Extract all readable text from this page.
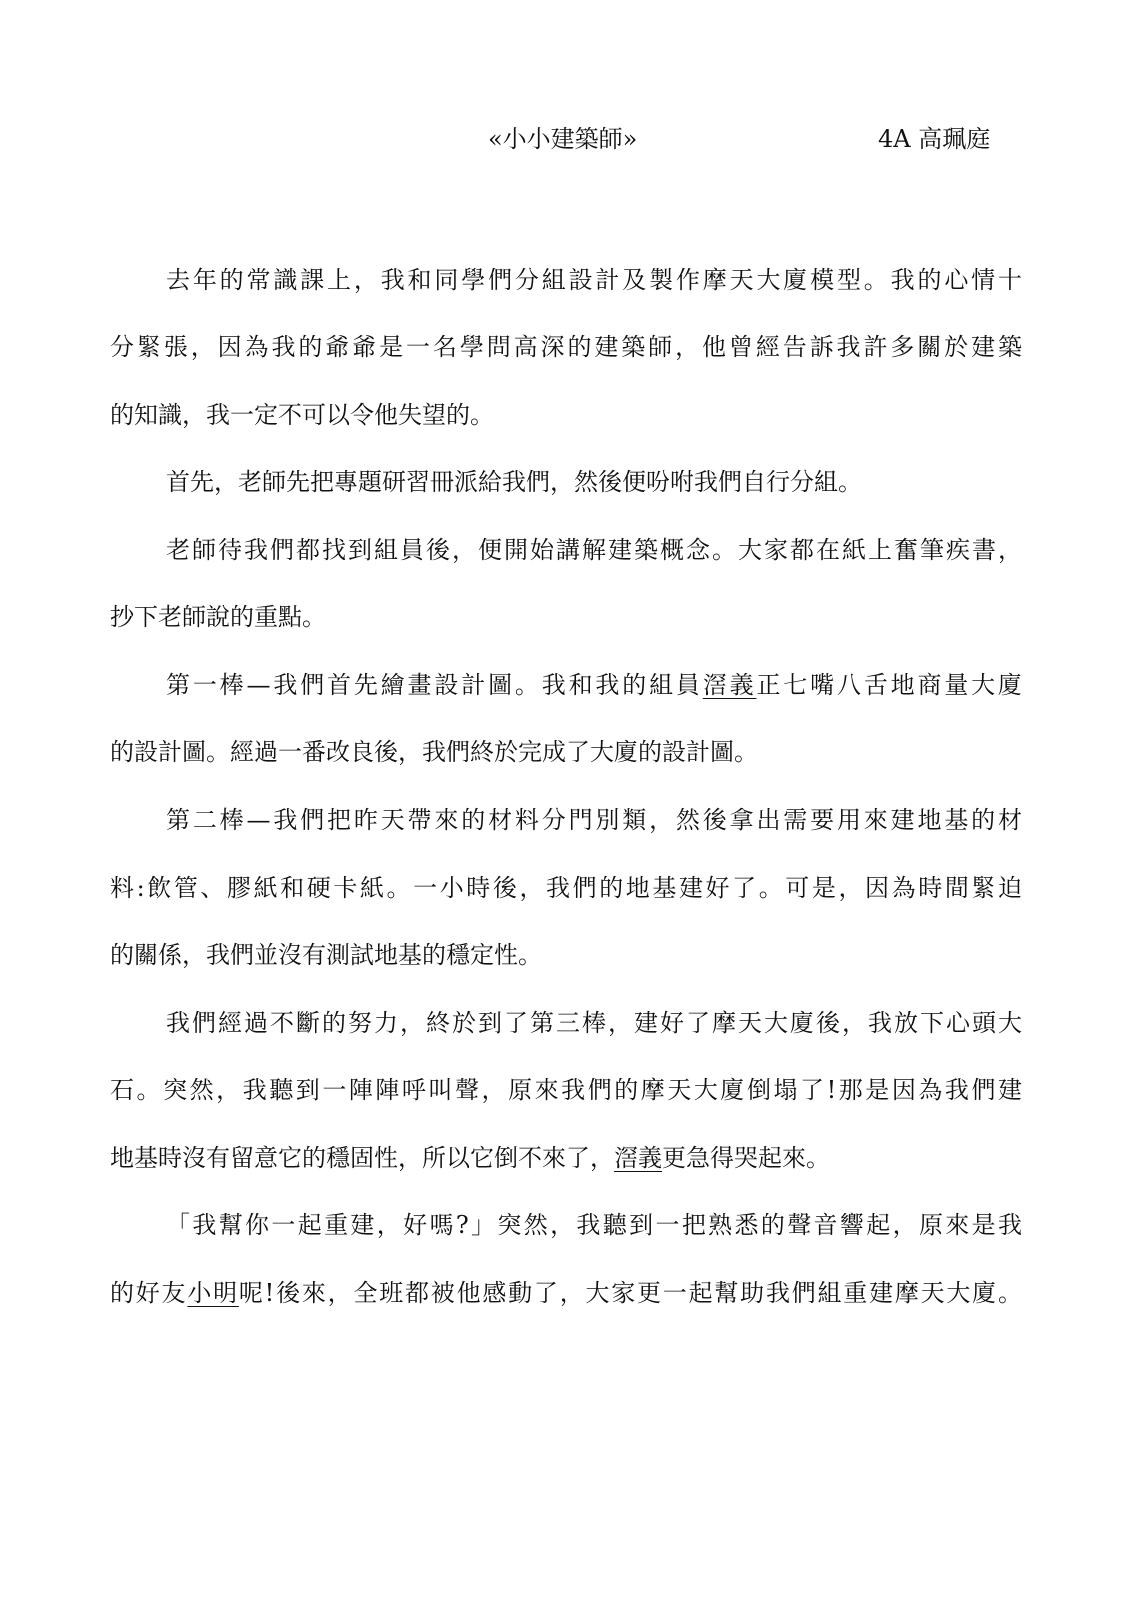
«小小建築師»	4A 高珮庭
去年的常識課上，我和同學們分組設計及製作摩天大廈模型。我的心情十
分緊張，因為我的爺爺是一名學問高深的建築師，他曾經告訴我許多關於建築
的知識，我一定不可以令他失望的。
首先，老師先把專題研習冊派給我們，然後便吩咐我們自行分組。
老師待我們都找到組員後，便開始講解建築概念。大家都在紙上奮筆疾書，
抄下老師說的重點。
第一棒—我們首先繪畫設計圖。我和我的組員滘義正七嘴八舌地商量大廈
的設計圖。經過一番改良後，我們終於完成了大廈的設計圖。
第二棒—我們把昨天帶來的材料分門別類，然後拿出需要用來建地基的材
料:飲管、膠紙和硬卡紙。一小時後，我們的地基建好了。可是，因為時間緊迫
的關係，我們並沒有測試地基的穩定性。
我們經過不斷的努力，終於到了第三棒，建好了摩天大廈後，我放下心頭大
石。突然，我聽到一陣陣呼叫聲，原來我們的摩天大廈倒塌了!那是因為我們建
地基時沒有留意它的穩固性，所以它倒不來了，滘義更急得哭起來。
「我幫你一起重建，好嗎?」突然，我聽到一把熟悉的聲音響起，原來是我
的好友小明呢!後來，全班都被他感動了，大家更一起幫助我們組重建摩天大廈。
